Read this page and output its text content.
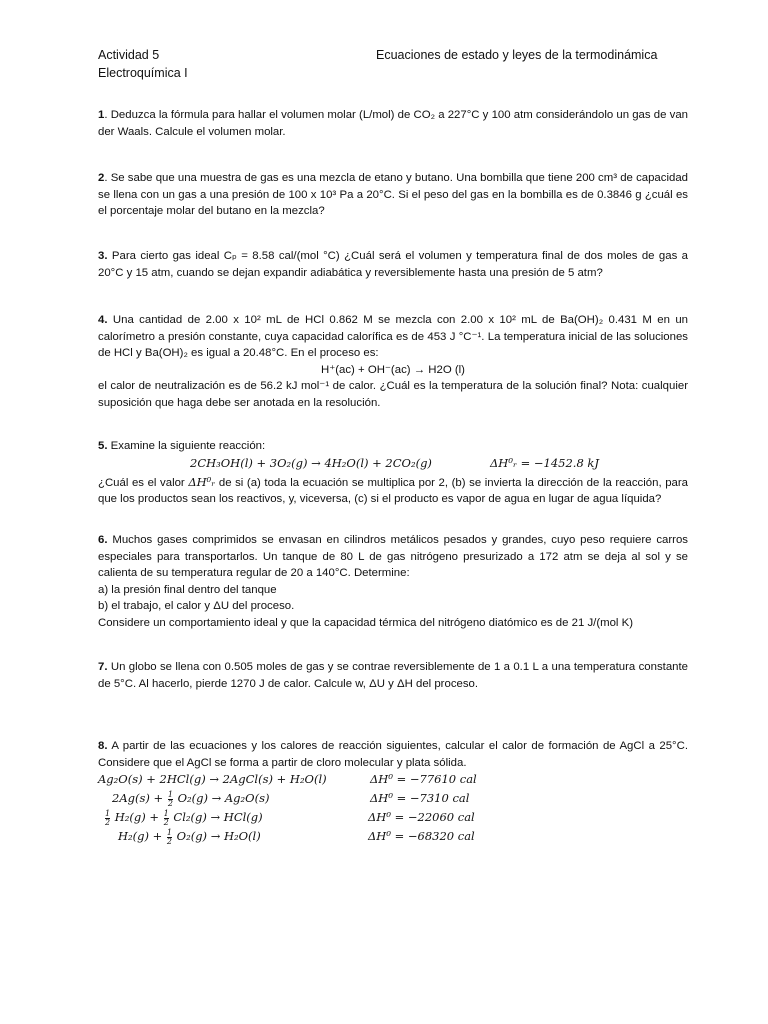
Actividad 5
Electroquímica I
Ecuaciones de estado y leyes de la termodinámica
1. Deduzca la fórmula para hallar el volumen molar (L/mol) de CO₂ a 227°C y 100 atm considerándolo un gas de van der Waals. Calcule el volumen molar.
2. Se sabe que una muestra de gas es una mezcla de etano y butano. Una bombilla que tiene 200 cm³ de capacidad se llena con un gas a una presión de 100 x 10³ Pa a 20°C. Si el peso del gas en la bombilla es de 0.3846 g ¿cuál es el porcentaje molar del butano en la mezcla?
3. Para cierto gas ideal Cₚ = 8.58 cal/(mol °C) ¿Cuál será el volumen y temperatura final de dos moles de gas a 20°C y 15 atm, cuando se dejan expandir adiabática y reversiblemente hasta una presión de 5 atm?
4. Una cantidad de 2.00 x 10² mL de HCl 0.862 M se mezcla con 2.00 x 10² mL de Ba(OH)₂ 0.431 M en un calorímetro a presión constante, cuya capacidad calorífica es de 453 J °C⁻¹. La temperatura inicial de las soluciones de HCl y Ba(OH)₂ es igual a 20.48°C. En el proceso es:
H⁺(ac) + OH⁻(ac) → H2O (l)
el calor de neutralización es de 56.2 kJ mol⁻¹ de calor. ¿Cuál es la temperatura de la solución final? Nota: cualquier suposición que haga debe ser anotada en la resolución.
5. Examine la siguiente reacción:
2CH₃OH(l) + 3O₂(g) → 4H₂O(l) + 2CO₂(g)	ΔH⁰ᵣ = −1452.8 kJ
¿Cuál es el valor ΔH⁰ᵣ de si (a) toda la ecuación se multiplica por 2, (b) se invierta la dirección de la reacción, para que los productos sean los reactivos, y, viceversa, (c) si el producto es vapor de agua en lugar de agua líquida?
6. Muchos gases comprimidos se envasan en cilindros metálicos pesados y grandes, cuyo peso requiere carros especiales para transportarlos. Un tanque de 80 L de gas nitrógeno presurizado a 172 atm se deja al sol y se calienta de su temperatura regular de 20 a 140°C. Determine:
a) la presión final dentro del tanque
b) el trabajo, el calor y ΔU del proceso.
Considere un comportamiento ideal y que la capacidad térmica del nitrógeno diatómico es de 21 J/(mol K)
7. Un globo se llena con 0.505 moles de gas y se contrae reversiblemente de 1 a 0.1 L a una temperatura constante de 5°C. Al hacerlo, pierde 1270 J de calor. Calcule w, ΔU y ΔH del proceso.
8. A partir de las ecuaciones y los calores de reacción siguientes, calcular el calor de formación de AgCl a 25°C. Considere que el AgCl se forma a partir de cloro molecular y plata sólida.
Ag₂O(s) + 2HCl(g) → 2AgCl(s) + H₂O(l)	ΔH⁰ = −77610 cal
$2Ag(s) + \frac{1}{2} O_2(g) \to Ag_2O(s)$	ΔH⁰ = −7310 cal
$\frac{1}{2} H_2(g) + \frac{1}{2} Cl_2(g) \to HCl(g)$	ΔH⁰ = −22060 cal
$H_2(g) + \frac{1}{2} O_2(g) \to H_2O(l)$	ΔH⁰ = −68320 cal
